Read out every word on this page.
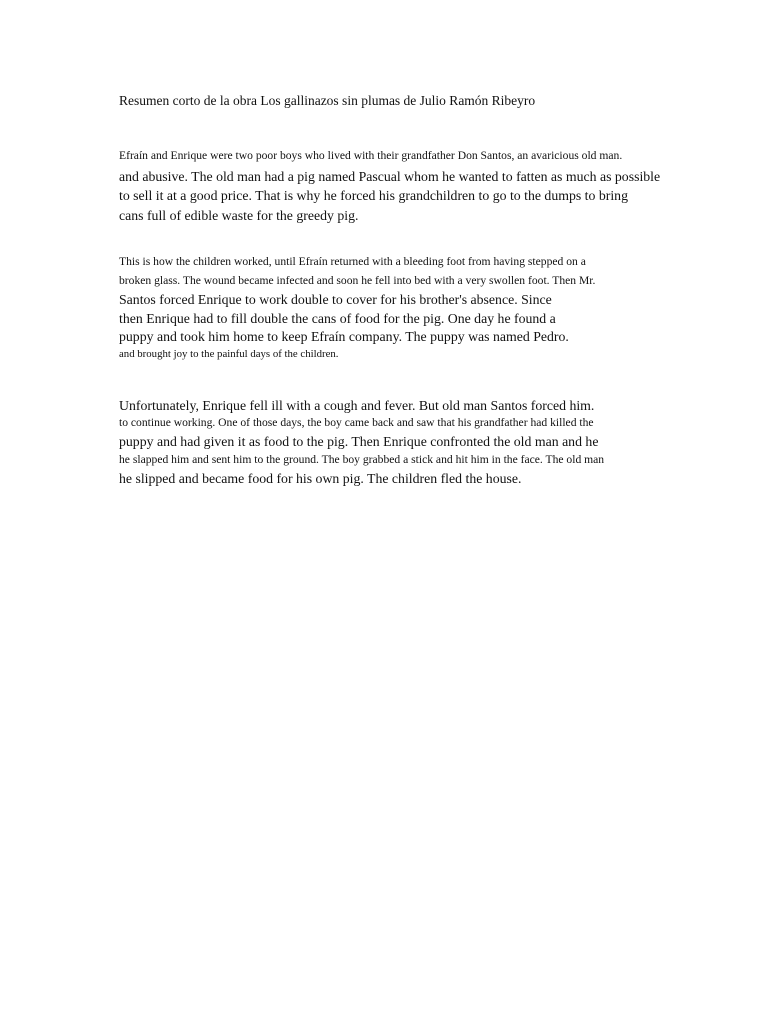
Resumen corto de la obra Los gallinazos sin plumas de Julio Ramón Ribeyro
Efraín and Enrique were two poor boys who lived with their grandfather Don Santos, an avaricious old man.
and abusive. The old man had a pig named Pascual whom he wanted to fatten as much as possible
to sell it at a good price. That is why he forced his grandchildren to go to the dumps to bring
cans full of edible waste for the greedy pig.
This is how the children worked, until Efraín returned with a bleeding foot from having stepped on a
broken glass. The wound became infected and soon he fell into bed with a very swollen foot. Then Mr.
Santos forced Enrique to work double to cover for his brother's absence. Since
then Enrique had to fill double the cans of food for the pig. One day he found a
puppy and took him home to keep Efraín company. The puppy was named Pedro.
and brought joy to the painful days of the children.
Unfortunately, Enrique fell ill with a cough and fever. But old man Santos forced him.
to continue working. One of those days, the boy came back and saw that his grandfather had killed the
puppy and had given it as food to the pig. Then Enrique confronted the old man and he
he slapped him and sent him to the ground. The boy grabbed a stick and hit him in the face. The old man
he slipped and became food for his own pig. The children fled the house.
